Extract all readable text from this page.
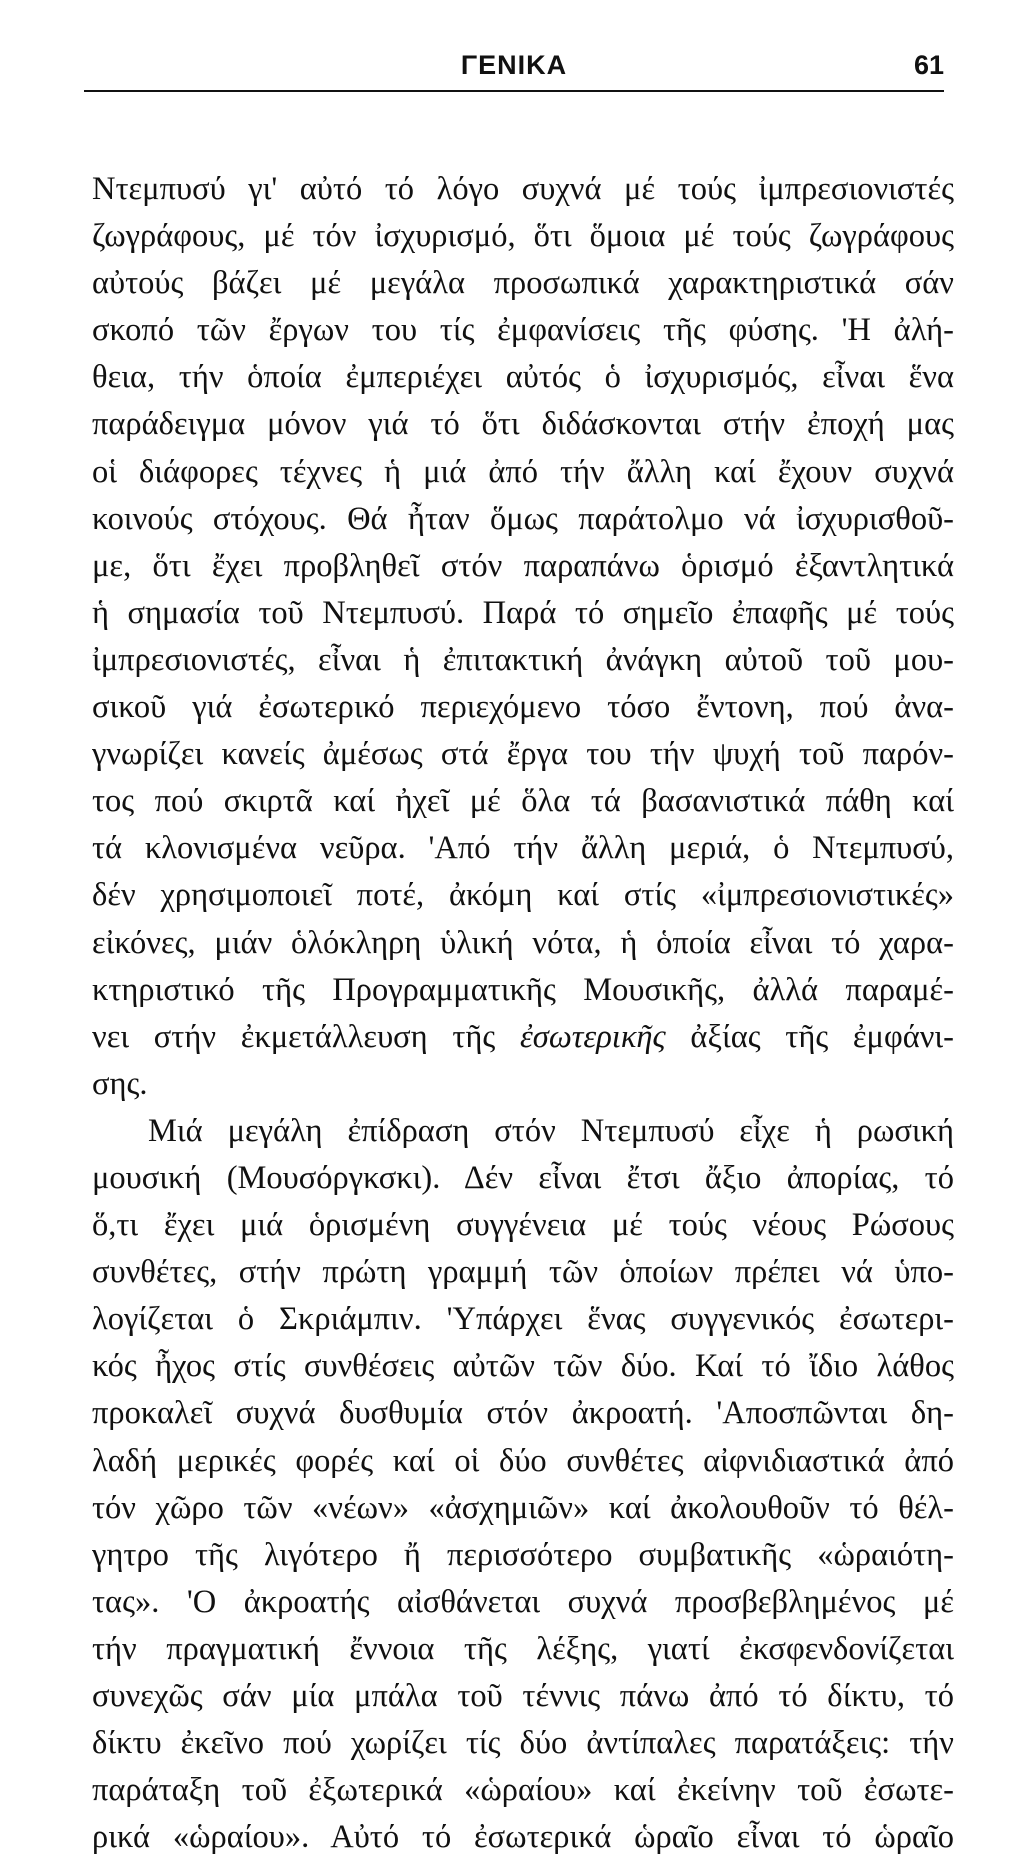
ΓΕΝΙΚΑ	61
Ντεμπυσύ γι' αὐτό τό λόγο συχνά μέ τούς ἰμπρεσιονιστές
ζωγράφους, μέ τόν ἰσχυρισμό, ὅτι ὅμοια μέ τούς ζωγράφους
αὐτούς βάζει μέ μεγάλα προσωπικά χαρακτηριστικά σάν
σκοπό τῶν ἔργων του τίς ἐμφανίσεις τῆς φύσης. 'Η ἀλή-
θεια, τήν ὁποία ἐμπεριέχει αὐτός ὁ ἰσχυρισμός, εἶναι ἕνα
παράδειγμα μόνον γιά τό ὅτι διδάσκονται στήν ἐποχή μας
οἱ διάφορες τέχνες ἡ μιά ἀπό τήν ἄλλη καί ἔχουν συχνά
κοινούς στόχους. Θά ἦταν ὅμως παράτολμο νά ἰσχυρισθοῦ-
με, ὅτι ἔχει προβληθεῖ στόν παραπάνω ὁρισμό ἐξαντλητικά
ἡ σημασία τοῦ Ντεμπυσύ. Παρά τό σημεῖο ἐπαφῆς μέ τούς
ἰμπρεσιονιστές, εἶναι ἡ ἐπιτακτική ἀνάγκη αὐτοῦ τοῦ μου-
σικοῦ γιά ἐσωτερικό περιεχόμενο τόσο ἔντονη, πού ἀνα-
γνωρίζει κανείς ἀμέσως στά ἔργα του τήν ψυχή τοῦ παρόν-
τος πού σκιρτᾶ καί ἠχεῖ μέ ὅλα τά βασανιστικά πάθη καί
τά κλονισμένα νεῦρα. 'Από τήν ἄλλη μεριά, ὁ Ντεμπυσύ,
δέν χρησιμοποιεῖ ποτέ, ἀκόμη καί στίς «ἰμπρεσιονιστικές»
εἰκόνες, μιάν ὁλόκληρη ὑλική νότα, ἡ ὁποία εἶναι τό χαρα-
κτηριστικό τῆς Προγραμματικῆς Μουσικῆς, ἀλλά παραμέ-
νει στήν ἐκμετάλλευση τῆς ἐσωτερικῆς ἀξίας τῆς ἐμφάνι-
σης.
Μιά μεγάλη ἐπίδραση στόν Ντεμπυσύ εἶχε ἡ ρωσική
μουσική (Μουσόργκσκι). Δέν εἶναι ἔτσι ἄξιο ἀπορίας, τό
ὅ,τι ἔχει μιά ὁρισμένη συγγένεια μέ τούς νέους Ρώσους
συνθέτες, στήν πρώτη γραμμή τῶν ὁποίων πρέπει νά ὑπο-
λογίζεται ὁ Σκριάμπιν. 'Υπάρχει ἕνας συγγενικός ἐσωτερι-
κός ἦχος στίς συνθέσεις αὐτῶν τῶν δύο. Καί τό ἴδιο λάθος
προκαλεῖ συχνά δυσθυμία στόν ἀκροατή. 'Αποσπῶνται δη-
λαδή μερικές φορές καί οἱ δύο συνθέτες αἰφνιδιαστικά ἀπό
τόν χῶρο τῶν «νέων» «ἀσχημιῶν» καί ἀκολουθοῦν τό θέλ-
γητρο τῆς λιγότερο ἤ περισσότερο συμβατικῆς «ὡραιότη-
τας». 'Ο ἀκροατής αἰσθάνεται συχνά προσβεβλημένος μέ
τήν πραγματική ἔννοια τῆς λέξης, γιατί ἐκσφενδονίζεται
συνεχῶς σάν μία μπάλα τοῦ τέννις πάνω ἀπό τό δίκτυ, τό
δίκτυ ἐκεῖνο πού χωρίζει τίς δύο ἀντίπαλες παρατάξεις: τήν
παράταξη τοῦ ἐξωτερικά «ὡραίου» καί ἐκείνην τοῦ ἐσωτε-
ρικά «ὡραίου». Αὐτό τό ἐσωτερικά ὡραῖο εἶναι τό ὡραῖο
